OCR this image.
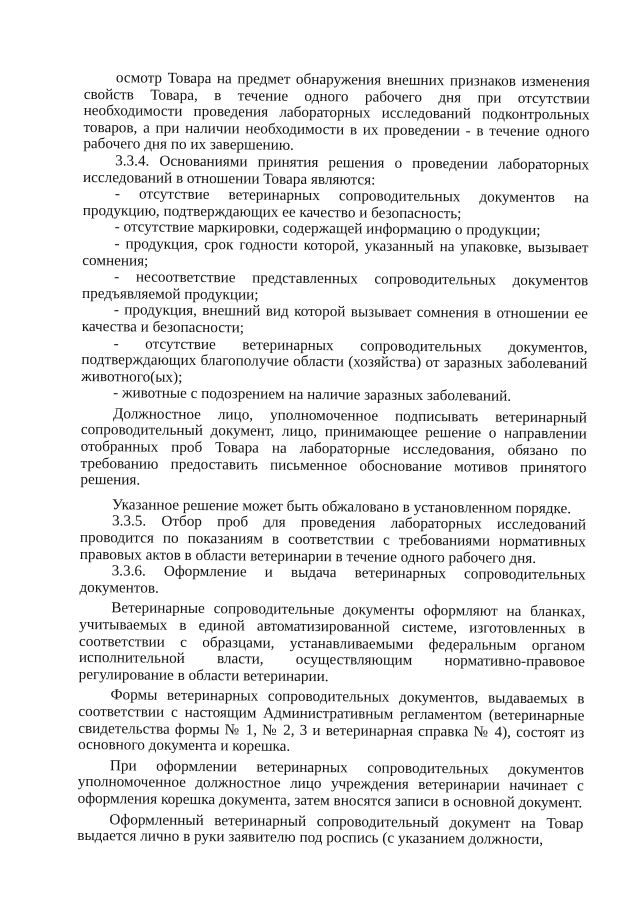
осмотр Товара на предмет обнаружения внешних признаков изменения свойств Товара, в течение одного рабочего дня при отсутствии необходимости проведения лабораторных исследований подконтрольных товаров, а при наличии необходимости в их проведении - в течение одного рабочего дня по их завершению.

3.3.4. Основаниями принятия решения о проведении лабораторных исследований в отношении Товара являются:

- отсутствие ветеринарных сопроводительных документов на продукцию, подтверждающих ее качество и безопасность;

- отсутствие маркировки, содержащей информацию о продукции;

- продукция, срок годности которой, указанный на упаковке, вызывает сомнения;

- несоответствие представленных сопроводительных документов предъявляемой продукции;

- продукция, внешний вид которой вызывает сомнения в отношении ее качества и безопасности;

- отсутствие ветеринарных сопроводительных документов, подтверждающих благополучие области (хозяйства) от заразных заболеваний животного(ых);

- животные с подозрением на наличие заразных заболеваний.

Должностное лицо, уполномоченное подписывать ветеринарный сопроводительный документ, лицо, принимающее решение о направлении отобранных проб Товара на лабораторные исследования, обязано по требованию предоставить письменное обоснование мотивов принятого решения.

Указанное решение может быть обжаловано в установленном порядке.

3.3.5. Отбор проб для проведения лабораторных исследований проводится по показаниям в соответствии с требованиями нормативных правовых актов в области ветеринарии в течение одного рабочего дня.

3.3.6. Оформление и выдача ветеринарных сопроводительных документов.

Ветеринарные сопроводительные документы оформляют на бланках, учитываемых в единой автоматизированной системе, изготовленных в соответствии с образцами, устанавливаемыми федеральным органом исполнительной власти, осуществляющим нормативно-правовое регулирование в области ветеринарии.

Формы ветеринарных сопроводительных документов, выдаваемых в соответствии с настоящим Административным регламентом (ветеринарные свидетельства формы № 1, № 2, 3 и ветеринарная справка № 4), состоят из основного документа и корешка.

При оформлении ветеринарных сопроводительных документов уполномоченное должностное лицо учреждения ветеринарии начинает с оформления корешка документа, затем вносятся записи в основной документ.

Оформленный ветеринарный сопроводительный документ на Товар выдается лично в руки заявителю под роспись (с указанием должности,
